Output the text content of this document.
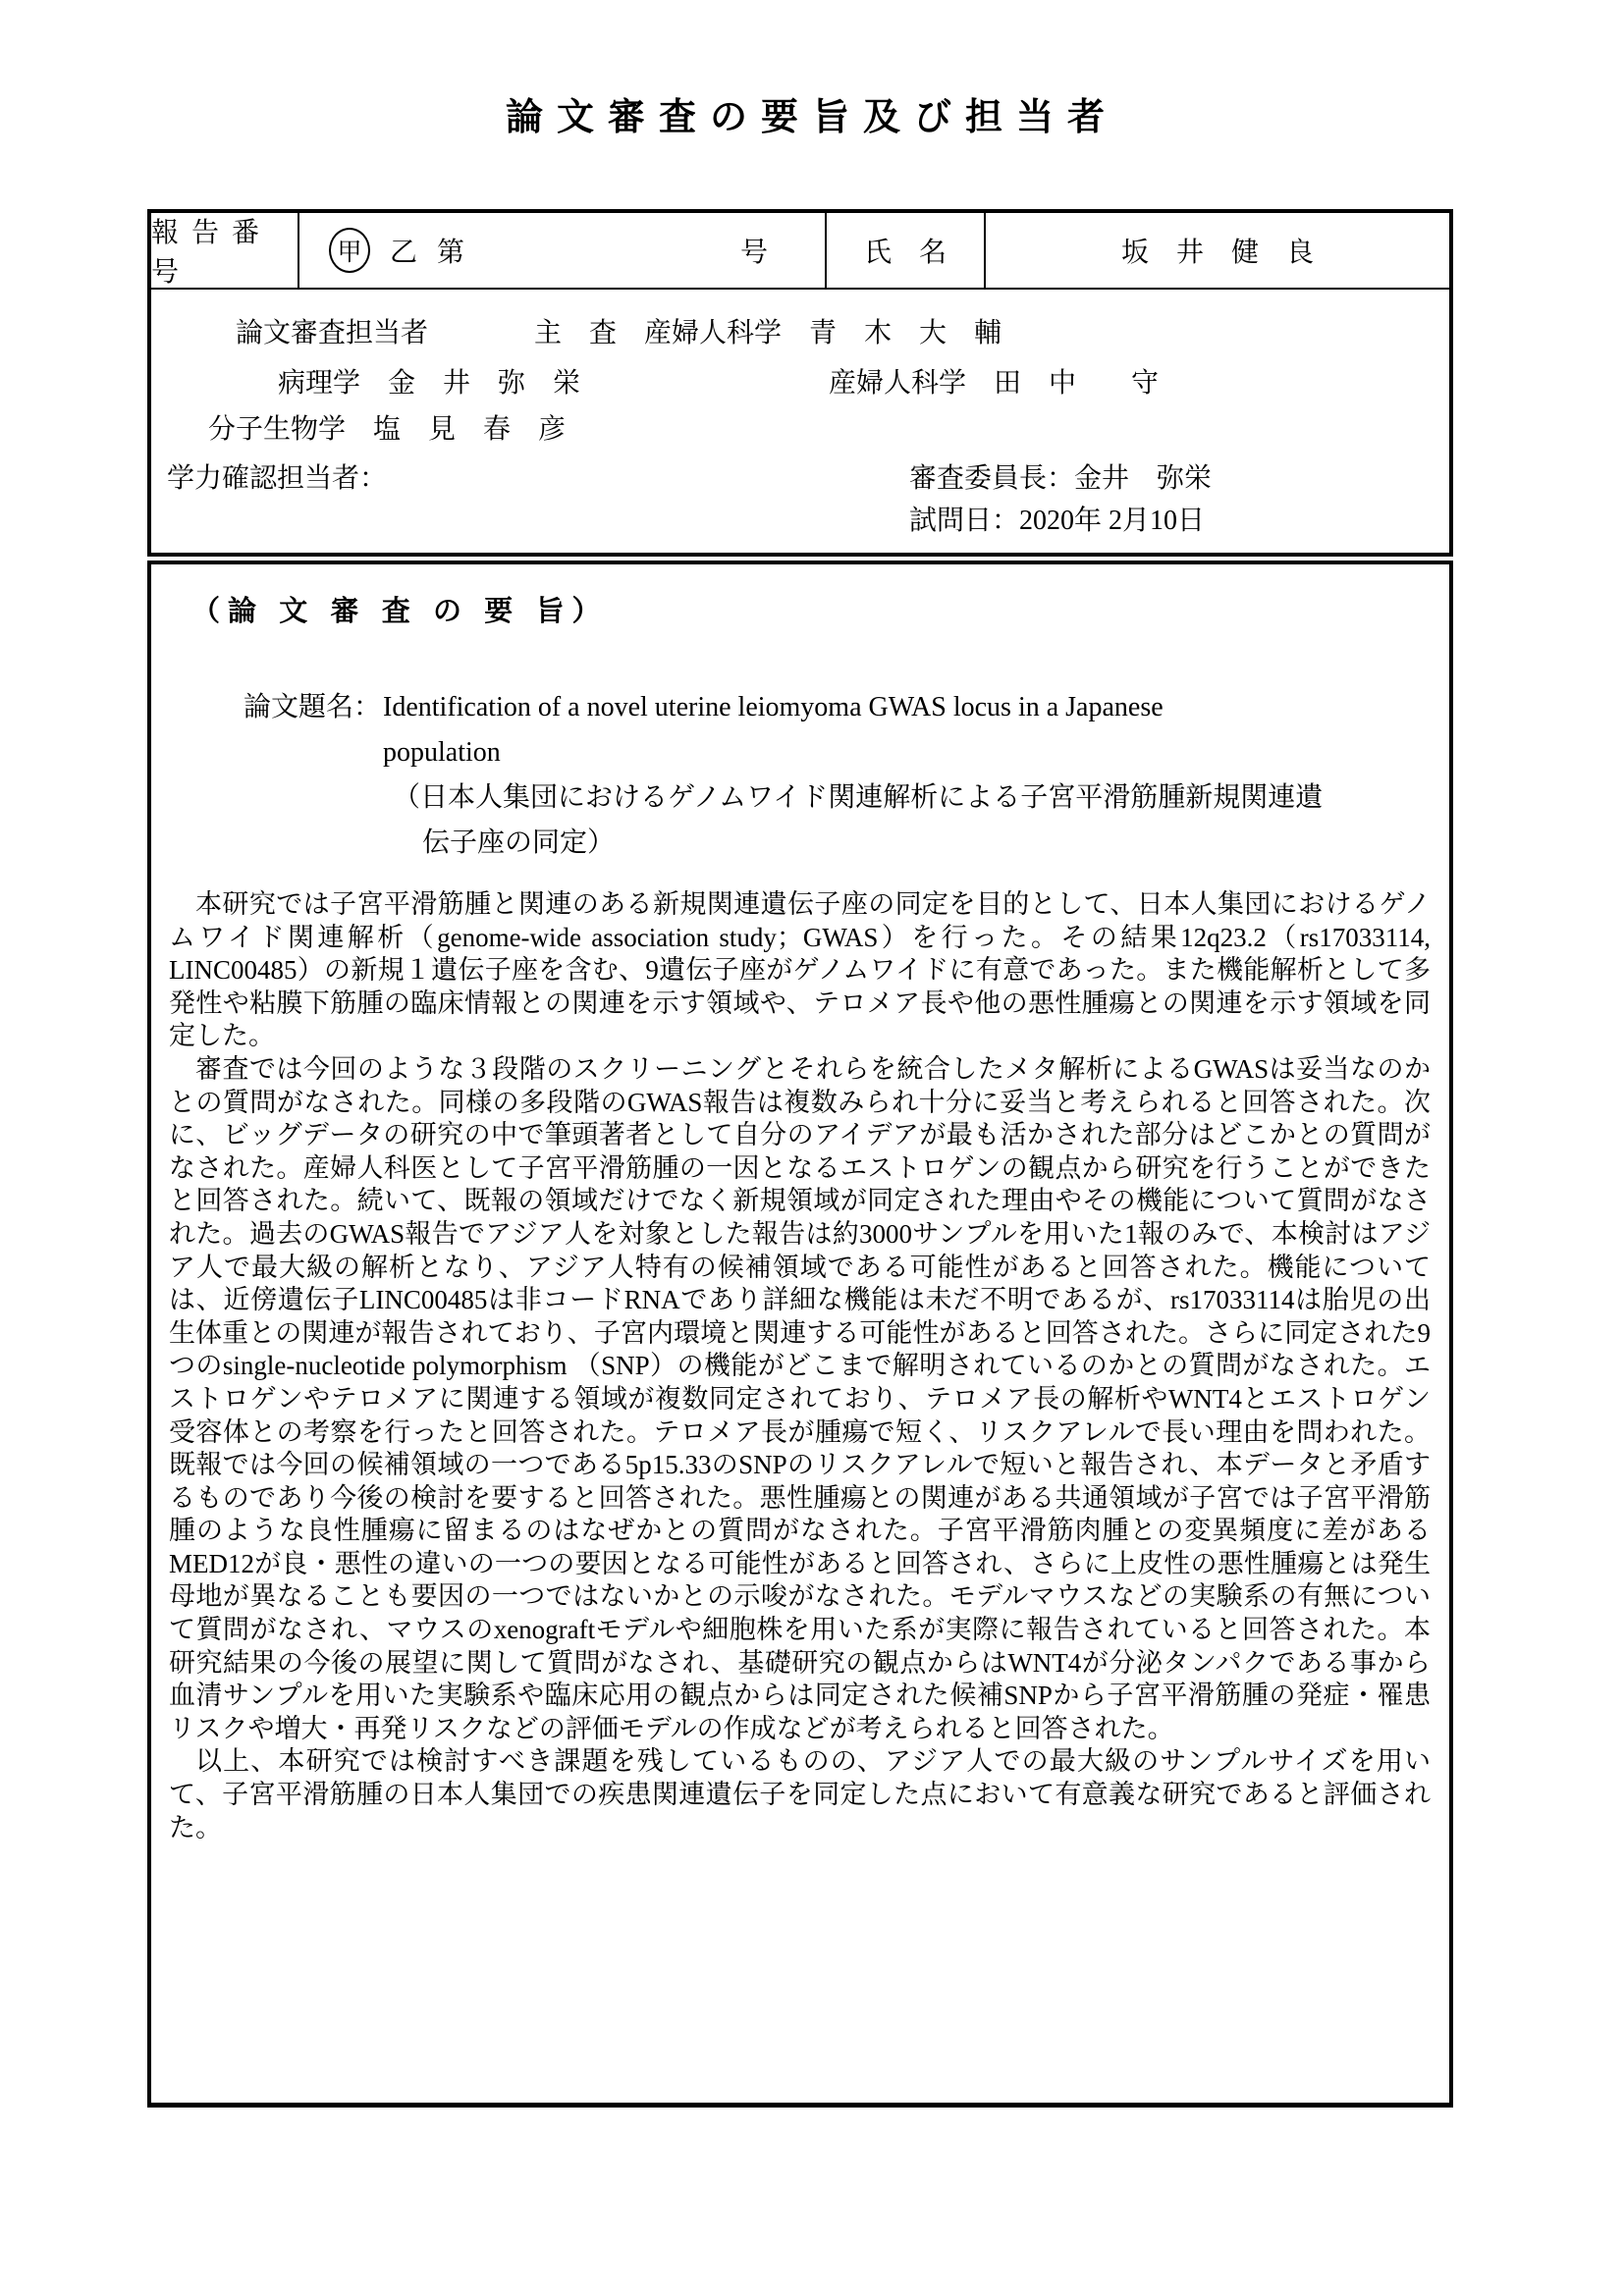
論文審査の要旨及び担当者
報 告 番 号
甲	乙 第	号	氏　名	坂　井　健　良
論文審査担当者	主　査　産婦人科学　青　木　大　輔
病理学　金　井　弥　栄	産婦人科学　田　中　　守
分子生物学　塩　見　春　彦
学力確認担当者：	審査委員長：金井　弥栄
試問日：2020年 2月10日
（論 文 審 査 の 要 旨）
論文題名： Identification of a novel uterine leiomyoma GWAS locus in a Japanese
population
（日本人集団におけるゲノムワイド関連解析による子宮平滑筋腫新規関連遺
伝子座の同定）

本研究では子宮平滑筋腫と関連のある新規関連遺伝子座の同定を目的として、日本人集団におけるゲノムワイド関連解析（genome-wide association study；GWAS）を行った。その結果12q23.2（rs17033114, LINC00485）の新規１遺伝子座を含む、9遺伝子座がゲノムワイドに有意であった。また機能解析として多発性や粘膜下筋腫の臨床情報との関連を示す領域や、テロメア長や他の悪性腫瘍との関連を示す領域を同定した。

審査では今回のような３段階のスクリーニングとそれらを統合したメタ解析によるGWASは妥当なのかとの質問がなされた。同様の多段階のGWAS報告は複数みられ十分に妥当と考えられると回答された。次に、ビッグデータの研究の中で筆頭著者として自分のアイデアが最も活かされた部分はどこかとの質問がなされた。産婦人科医として子宮平滑筋腫の一因となるエストロゲンの観点から研究を行うことができたと回答された。続いて、既報の領域だけでなく新規領域が同定された理由やその機能について質問がなされた。過去のGWAS報告でアジア人を対象とした報告は約3000サンプルを用いた1報のみで、本検討はアジア人で最大級の解析となり、アジア人特有の候補領域である可能性があると回答された。機能については、近傍遺伝子LINC00485は非コードRNAであり詳細な機能は未だ不明であるが、rs17033114は胎児の出生体重との関連が報告されており、子宮内環境と関連する可能性があると回答された。さらに同定された9つのsingle-nucleotide polymorphism （SNP）の機能がどこまで解明されているのかとの質問がなされた。エストロゲンやテロメアに関連する領域が複数同定されており、テロメア長の解析やWNT4とエストロゲン受容体との考察を行ったと回答された。テロメア長が腫瘍で短く、リスクアレルで長い理由を問われた。既報では今回の候補領域の一つである5p15.33のSNPのリスクアレルで短いと報告され、本データと矛盾するものであり今後の検討を要すると回答された。悪性腫瘍との関連がある共通領域が子宮では子宮平滑筋腫のような良性腫瘍に留まるのはなぜかとの質問がなされた。子宮平滑筋肉腫との変異頻度に差があるMED12が良・悪性の違いの一つの要因となる可能性があると回答され、さらに上皮性の悪性腫瘍とは発生母地が異なることも要因の一つではないかとの示唆がなされた。モデルマウスなどの実験系の有無について質問がなされ、マウスのxenograftモデルや細胞株を用いた系が実際に報告されていると回答された。本研究結果の今後の展望に関して質問がなされ、基礎研究の観点からはWNT4が分泌タンパクである事から血清サンプルを用いた実験系や臨床応用の観点からは同定された候補SNPから子宮平滑筋腫の発症・罹患リスクや増大・再発リスクなどの評価モデルの作成などが考えられると回答された。

以上、本研究では検討すべき課題を残しているものの、アジア人での最大級のサンプルサイズを用いて、子宮平滑筋腫の日本人集団での疾患関連遺伝子を同定した点において有意義な研究であると評価された。
